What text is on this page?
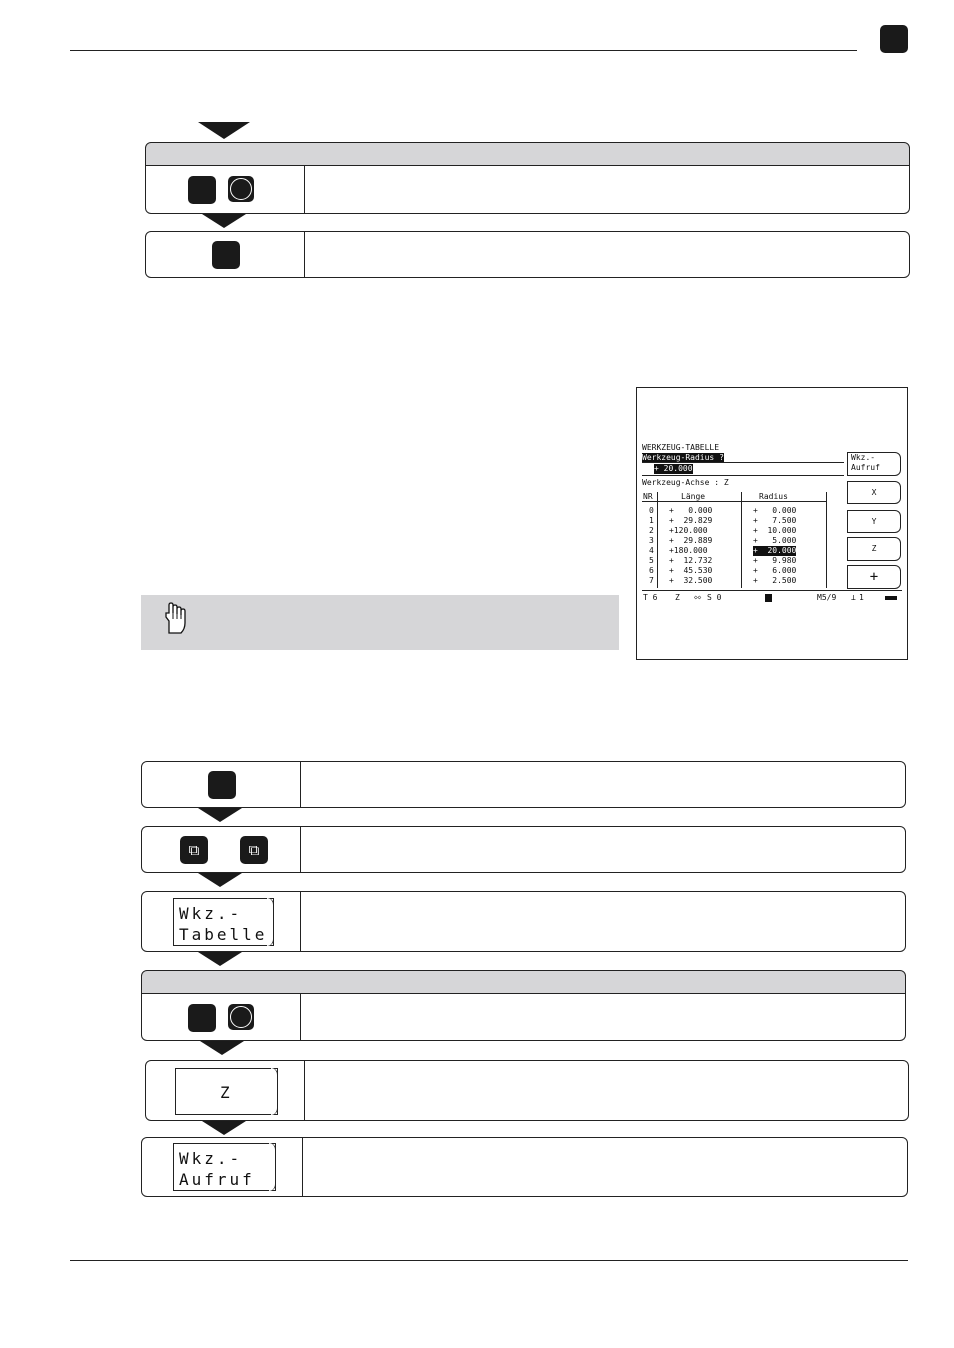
WERKZEUG-TABELLE
Werkzeug-Radius ?
+ 20.000
Werkzeug-Achse : Z
NR	Länge	Radius
0 +   0.000	+   0.000
1 +  29.829	+   7.500
2 +120.000	+  10.000
3 +  29.889	+   5.000
4 +180.000	+  20.000
5 +  12.732	+   9.980
6 +  45.530	+   6.000
7 +  32.500	+   2.500
Wkz.-
Aufruf
X
Y
Z
+
T 6 Z ◇◇ S 0	M5/9 ⊥ 1
⧉	⧉
Wkz.-
Tabelle
Z
Wkz.-
Aufruf
